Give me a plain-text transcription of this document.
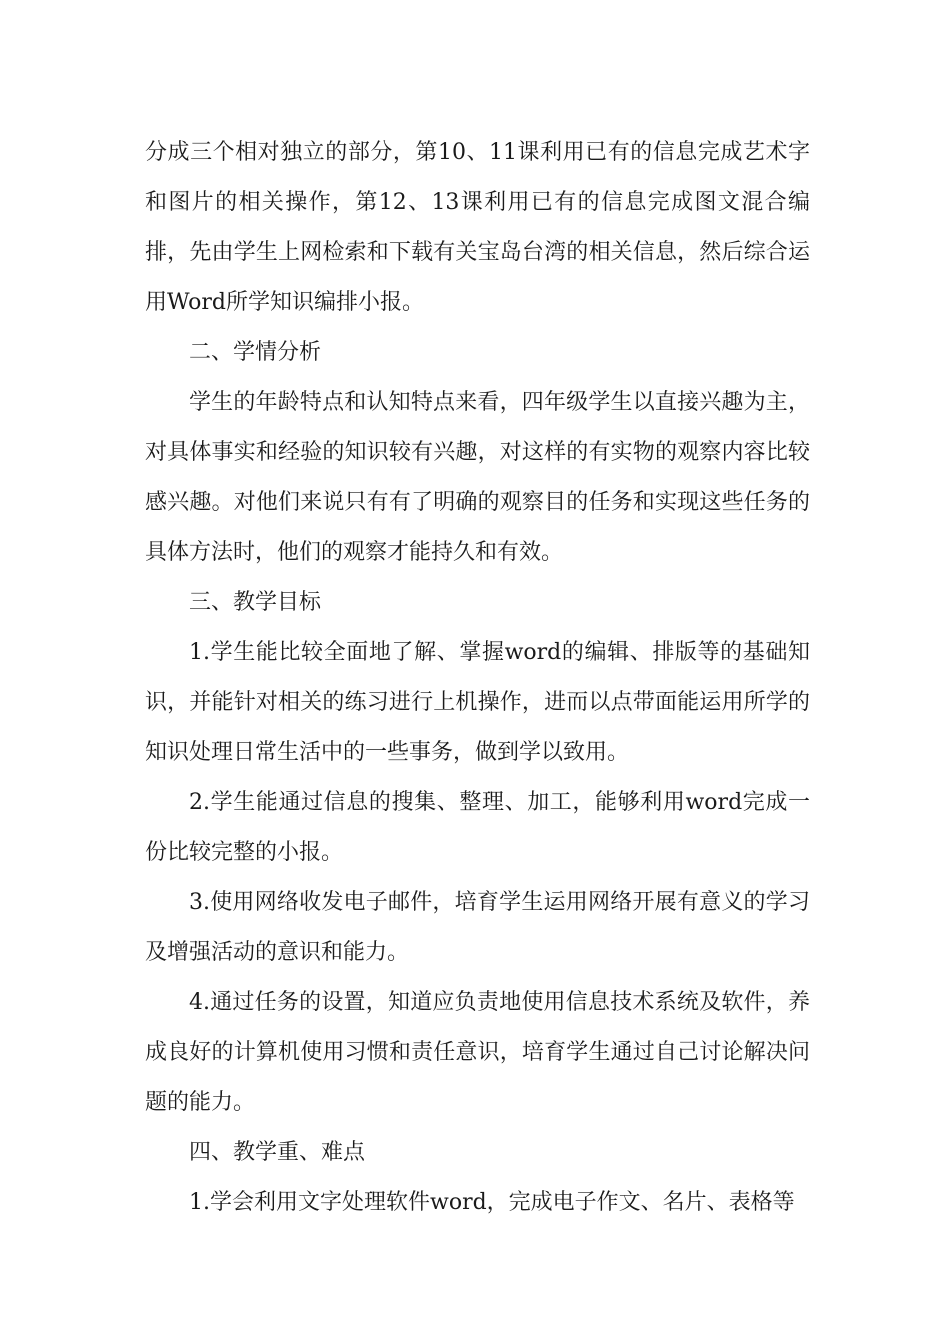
分成三个相对独立的部分，第10、11课利用已有的信息完成艺术字和图片的相关操作，第12、13课利用已有的信息完成图文混合编排，先由学生上网检索和下载有关宝岛台湾的相关信息，然后综合运用Word所学知识编排小报。

二、学情分析

学生的年龄特点和认知特点来看，四年级学生以直接兴趣为主，对具体事实和经验的知识较有兴趣，对这样的有实物的观察内容比较感兴趣。对他们来说只有有了明确的观察目的任务和实现这些任务的具体方法时，他们的观察才能持久和有效。

三、教学目标

1.学生能比较全面地了解、掌握word的编辑、排版等的基础知识，并能针对相关的练习进行上机操作，进而以点带面能运用所学的知识处理日常生活中的一些事务，做到学以致用。

2.学生能通过信息的搜集、整理、加工，能够利用word完成一份比较完整的小报。

3.使用网络收发电子邮件，培育学生运用网络开展有意义的学习及增强活动的意识和能力。

4.通过任务的设置，知道应负责地使用信息技术系统及软件，养成良好的计算机使用习惯和责任意识，培育学生通过自己讨论解决问题的能力。

四、教学重、难点

1.学会利用文字处理软件word，完成电子作文、名片、表格等
